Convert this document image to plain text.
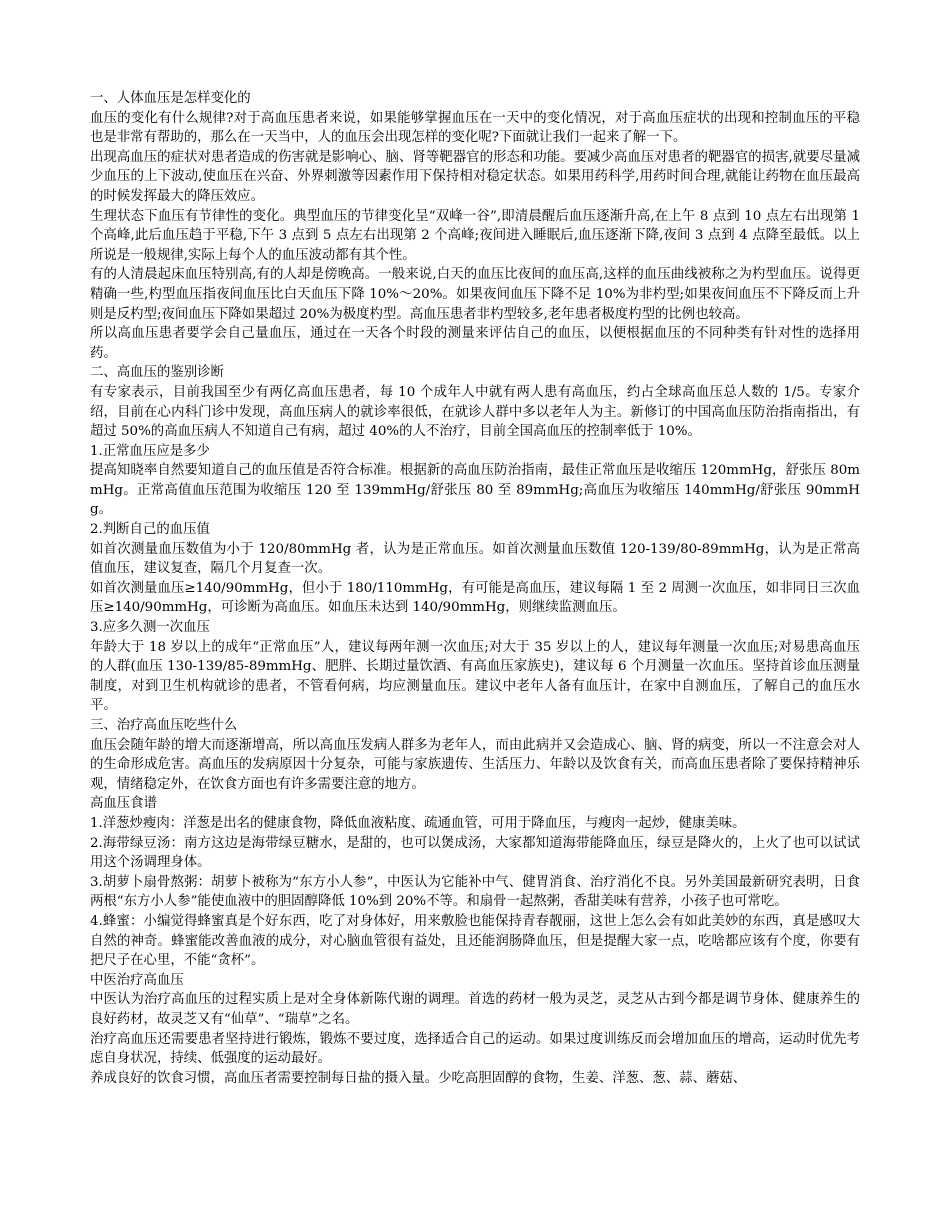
一、人体血压是怎样变化的

血压的变化有什么规律?对于高血压患者来说，如果能够掌握血压在一天中的变化情况，对于高血压症状的出现和控制血压的平稳也是非常有帮助的，那么在一天当中，人的血压会出现怎样的变化呢?下面就让我们一起来了解一下。

出现高血压的症状对患者造成的伤害就是影响心、脑、肾等靶器官的形态和功能。要减少高血压对患者的靶器官的损害,就要尽量减少血压的上下波动,使血压在兴奋、外界刺激等因素作用下保持相对稳定状态。如果用药科学,用药时间合理,就能让药物在血压最高的时候发挥最大的降压效应。

生理状态下血压有节律性的变化。典型血压的节律变化呈“双峰一谷”,即清晨醒后血压逐渐升高,在上午 8 点到 10 点左右出现第 1 个高峰,此后血压趋于平稳,下午 3 点到 5 点左右出现第 2 个高峰;夜间进入睡眠后,血压逐渐下降,夜间 3 点到 4 点降至最低。以上所说是一般规律,实际上每个人的血压波动都有其个性。

有的人清晨起床血压特别高,有的人却是傍晚高。一般来说,白天的血压比夜间的血压高,这样的血压曲线被称之为杓型血压。说得更精确一些,杓型血压指夜间血压比白天血压下降 10%～20%。如果夜间血压下降不足 10%为非杓型;如果夜间血压不下降反而上升则是反杓型;夜间血压下降如果超过 20%为极度杓型。高血压患者非杓型较多,老年患者极度杓型的比例也较高。

所以高血压患者要学会自己量血压，通过在一天各个时段的测量来评估自己的血压，以便根据血压的不同种类有针对性的选择用药。

二、高血压的鉴别诊断

有专家表示，目前我国至少有两亿高血压患者，每 10 个成年人中就有两人患有高血压，约占全球高血压总人数的 1/5。专家介绍，目前在心内科门诊中发现，高血压病人的就诊率很低，在就诊人群中多以老年人为主。新修订的中国高血压防治指南指出，有超过 50%的高血压病人不知道自己有病，超过 40%的人不治疗，目前全国高血压的控制率低于 10%。

1.正常血压应是多少

提高知晓率自然要知道自己的血压值是否符合标准。根据新的高血压防治指南，最佳正常血压是收缩压 120mmHg，舒张压 80mmHg。正常高值血压范围为收缩压 120 至 139mmHg/舒张压 80 至 89mmHg;高血压为收缩压 140mmHg/舒张压 90mmHg。

2.判断自己的血压值

如首次测量血压数值为小于 120/80mmHg 者，认为是正常血压。如首次测量血压数值 120-139/80-89mmHg，认为是正常高值血压，建议复查，隔几个月复查一次。

如首次测量血压≥140/90mmHg，但小于 180/110mmHg，有可能是高血压，建议每隔 1 至 2 周测一次血压，如非同日三次血压≥140/90mmHg，可诊断为高血压。如血压未达到 140/90mmHg，则继续监测血压。

3.应多久测一次血压

年龄大于 18 岁以上的成年“正常血压”人，建议每两年测一次血压;对大于 35 岁以上的人，建议每年测量一次血压;对易患高血压的人群(血压 130-139/85-89mmHg、肥胖、长期过量饮酒、有高血压家族史)，建议每 6 个月测量一次血压。坚持首诊血压测量制度，对到卫生机构就诊的患者，不管看何病，均应测量血压。建议中老年人备有血压计，在家中自测血压，了解自己的血压水平。

三、治疗高血压吃些什么

血压会随年龄的增大而逐渐增高，所以高血压发病人群多为老年人，而由此病并又会造成心、脑、肾的病变，所以一不注意会对人的生命形成危害。高血压的发病原因十分复杂，可能与家族遗传、生活压力、年龄以及饮食有关，而高血压患者除了要保持精神乐观，情绪稳定外，在饮食方面也有许多需要注意的地方。

高血压食谱

1.洋葱炒瘦肉：洋葱是出名的健康食物，降低血液粘度、疏通血管，可用于降血压，与瘦肉一起炒，健康美味。

2.海带绿豆汤：南方这边是海带绿豆糖水，是甜的，也可以煲成汤，大家都知道海带能降血压，绿豆是降火的，上火了也可以试试用这个汤调理身体。

3.胡萝卜扇骨熬粥：胡萝卜被称为“东方小人参”，中医认为它能补中气、健胃消食、治疗消化不良。另外美国最新研究表明，日食两根“东方小人参”能使血液中的胆固醇降低 10%到 20%不等。和扇骨一起熬粥，香甜美味有营养，小孩子也可常吃。

4.蜂蜜：小编觉得蜂蜜真是个好东西，吃了对身体好，用来敷脸也能保持青春靓丽，这世上怎么会有如此美妙的东西，真是感叹大自然的神奇。蜂蜜能改善血液的成分，对心脑血管很有益处，且还能润肠降血压，但是提醒大家一点，吃啥都应该有个度，你要有把尺子在心里，不能“贪杯”。

中医治疗高血压

中医认为治疗高血压的过程实质上是对全身体新陈代谢的调理。首选的药材一般为灵芝，灵芝从古到今都是调节身体、健康养生的良好药材，故灵芝又有“仙草”、“瑞草”之名。

治疗高血压还需要患者坚持进行锻炼，锻炼不要过度，选择适合自己的运动。如果过度训练反而会增加血压的增高，运动时优先考虑自身状况，持续、低强度的运动最好。

养成良好的饮食习惯，高血压者需要控制每日盐的摄入量。少吃高胆固醇的食物，生姜、洋葱、葱、蒜、蘑菇、
